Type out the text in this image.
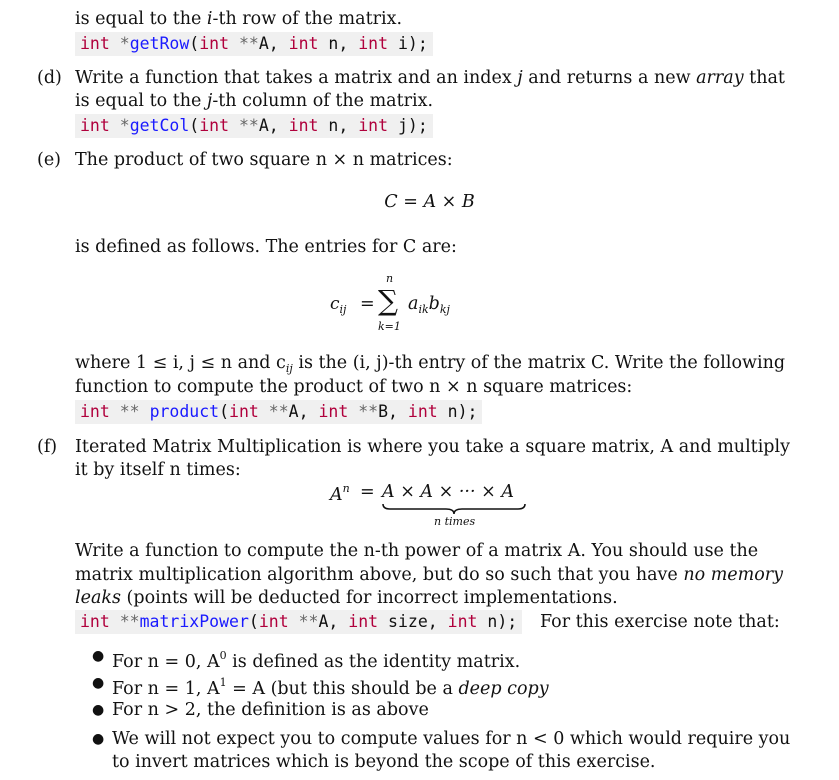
is equal to the i-th row of the matrix.
int *getRow(int **A, int n, int i);
(d) Write a function that takes a matrix and an index j and returns a new array that
is equal to the j-th column of the matrix.
int *getCol(int **A, int n, int j);
(e) The product of two square n × n matrices:
C = A × B
is defined as follows. The entries for C are:
$c_{ij}$ =
n
∑
k=1
$a_{ik}b_{kj}$
where 1 ≤ i, j ≤ n and $c_{ij}$ is the (i, j)-th entry of the matrix C. Write the following
function to compute the product of two n × n square matrices:
int ** product(int **A, int **B, int n);
(f) Iterated Matrix Multiplication is where you take a square matrix, A and multiply
it by itself n times:
$A^n = A \times A$ × ··· × A
n times
Write a function to compute the n-th power of a matrix A. You should use the
matrix multiplication algorithm above, but do so such that you have no memory
leaks (points will be deducted for incorrect implementations.
int **matrixPower(int **A, int size, int n); For this exercise note that:
● For n = 0, $A^0$ is defined as the identity matrix.
● For n = 1, $A^1 = A$ (but this should be a deep copy
● For n > 2, the definition is as above
● We will not expect you to compute values for n < 0 which would require you
to invert matrices which is beyond the scope of this exercise.
